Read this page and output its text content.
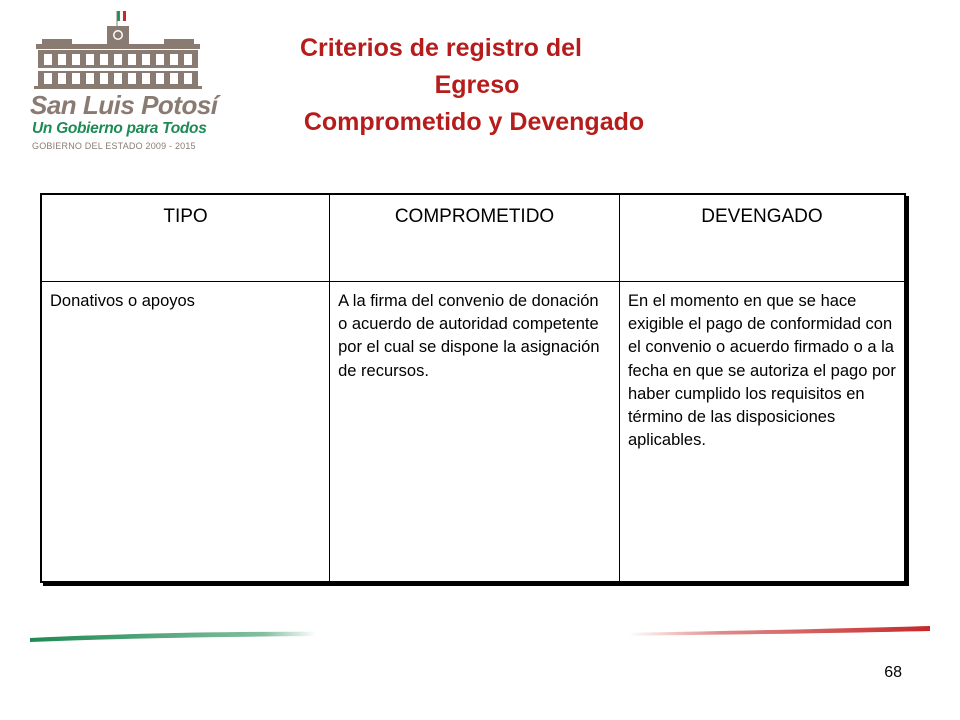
San Luis Potosí
Un Gobierno para Todos
GOBIERNO DEL ESTADO 2009 - 2015
Criterios de registro del
Egreso
Comprometido y Devengado
TIPO	COMPROMETIDO	DEVENGADO
Donativos o apoyos	A la firma del convenio de donación o acuerdo de autoridad competente por el cual se dispone la asignación de recursos.	En el momento en que se hace exigible el pago de conformidad con el convenio o acuerdo firmado o a la fecha en que se autoriza el pago por haber cumplido los requisitos en término de las disposiciones aplicables.
68
